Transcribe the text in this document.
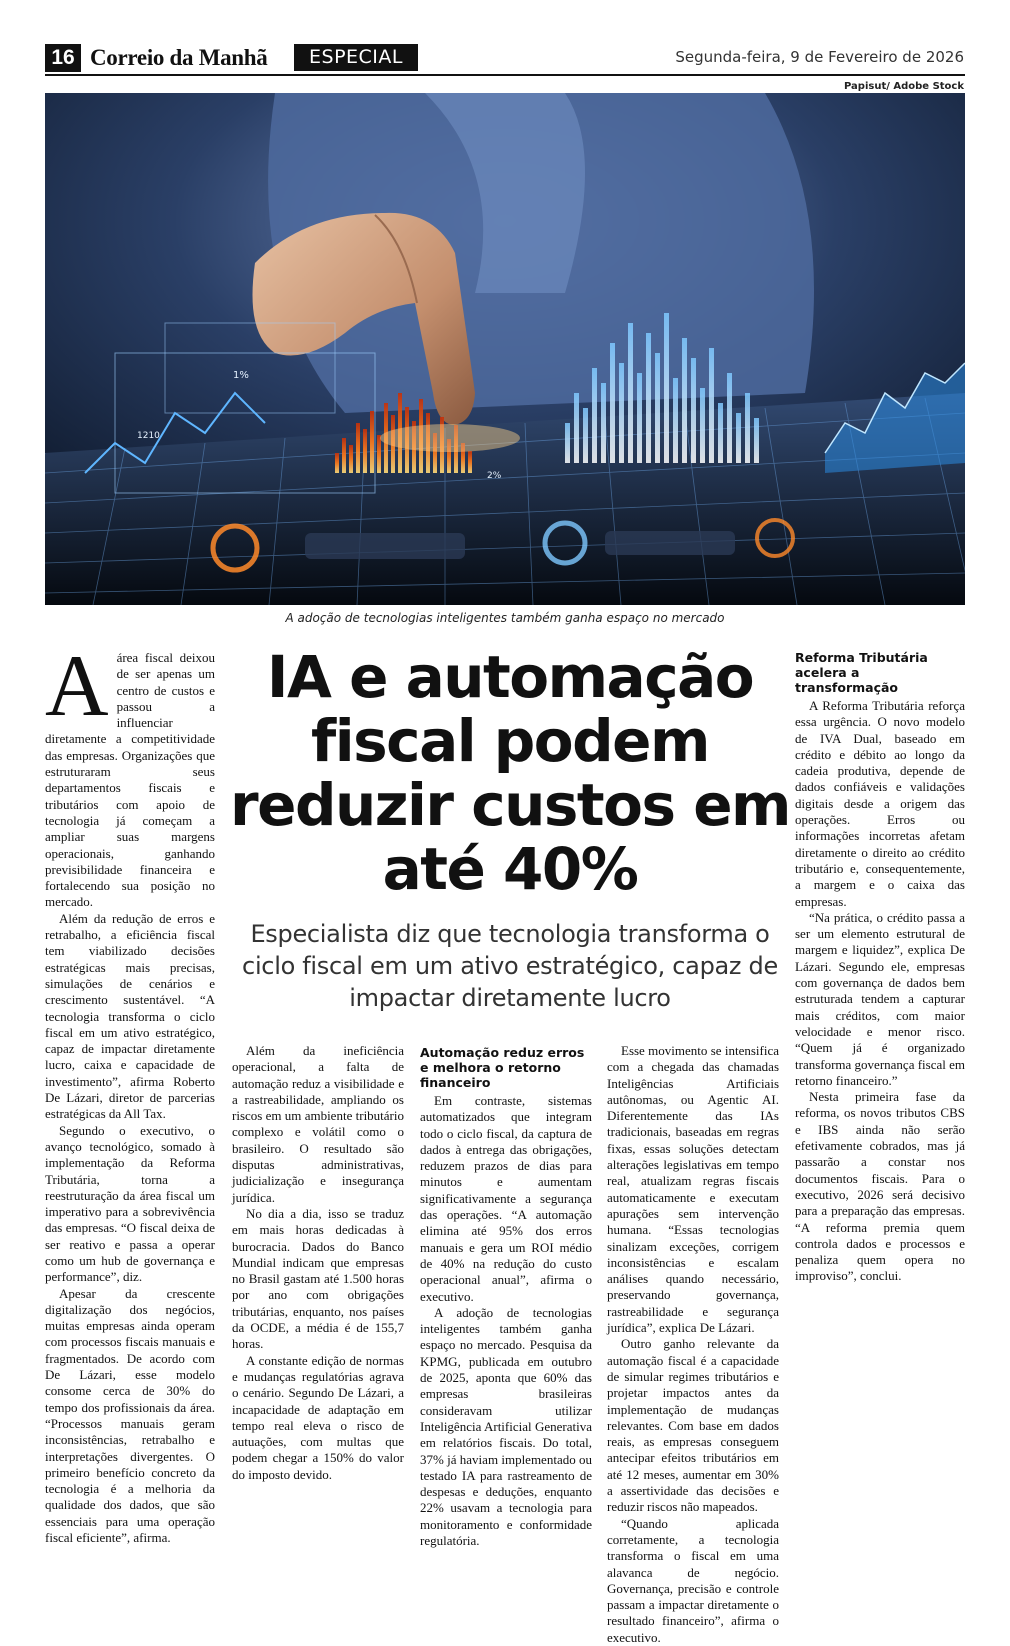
16 Correio da Manhã	ESPECIAL	Segunda-feira, 9 de Fevereiro de 2026
Papisut/ Adobe Stock
1%
1210
2%
A adoção de tecnologias inteligentes também ganha espaço no mercado
IA e automação fiscal podem reduzir custos em até 40%
Especialista diz que tecnologia transforma o ciclo fiscal em um ativo estratégico, capaz de impactar diretamente lucro
A área fiscal deixou de ser apenas um centro de custos e passou a influenciar diretamente a competitividade das empresas. Organizações que estruturaram seus departamentos fiscais e tributários com apoio de tecnologia já começam a ampliar suas margens operacionais, ganhando previsibilidade financeira e fortalecendo sua posição no mercado.

Além da redução de erros e retrabalho, a eficiência fiscal tem viabilizado decisões estratégicas mais precisas, simulações de cenários e crescimento sustentável. “A tecnologia transforma o ciclo fiscal em um ativo estratégico, capaz de impactar diretamente lucro, caixa e capacidade de investimento”, afirma Roberto De Lázari, diretor de parcerias estratégicas da All Tax.

Segundo o executivo, o avanço tecnológico, somado à implementação da Reforma Tributária, torna a reestruturação da área fiscal um imperativo para a sobrevivência das empresas. “O fiscal deixa de ser reativo e passa a operar como um hub de governança e performance”, diz.

Apesar da crescente digitalização dos negócios, muitas empresas ainda operam com processos fiscais manuais e fragmentados. De acordo com De Lázari, esse modelo consome cerca de 30% do tempo dos profissionais da área. “Processos manuais geram inconsistências, retrabalho e interpretações divergentes. O primeiro benefício concreto da tecnologia é a melhoria da qualidade dos dados, que são essenciais para uma operação fiscal eficiente”, afirma.

Além da ineficiência operacional, a falta de automação reduz a visibilidade e a rastreabilidade, ampliando os riscos em um ambiente tributário complexo e volátil como o brasileiro. O resultado são disputas administrativas, judicialização e insegurança jurídica.

No dia a dia, isso se traduz em mais horas dedicadas à burocracia. Dados do Banco Mundial indicam que empresas no Brasil gastam até 1.500 horas por ano com obrigações tributárias, enquanto, nos países da OCDE, a média é de 155,7 horas.

A constante edição de normas e mudanças regulatórias agrava o cenário. Segundo De Lázari, a incapacidade de adaptação em tempo real eleva o risco de autuações, com multas que podem chegar a 150% do valor do imposto devido.

Automação reduz erros e melhora o retorno financeiro

Em contraste, sistemas automatizados que integram todo o ciclo fiscal, da captura de dados à entrega das obrigações, reduzem prazos de dias para minutos e aumentam significativamente a segurança das operações. “A automação elimina até 95% dos erros manuais e gera um ROI médio de 40% na redução do custo operacional anual”, afirma o executivo.

A adoção de tecnologias inteligentes também ganha espaço no mercado. Pesquisa da KPMG, publicada em outubro de 2025, aponta que 60% das empresas brasileiras consideravam utilizar Inteligência Artificial Generativa em relatórios fiscais. Do total, 37% já haviam implementado ou testado IA para rastreamento de despesas e deduções, enquanto 22% usavam a tecnologia para monitoramento e conformidade regulatória.

Esse movimento se intensifica com a chegada das chamadas Inteligências Artificiais autônomas, ou Agentic AI. Diferentemente das IAs tradicionais, baseadas em regras fixas, essas soluções detectam alterações legislativas em tempo real, atualizam regras fiscais automaticamente e executam apurações sem intervenção humana. “Essas tecnologias sinalizam exceções, corrigem inconsistências e escalam análises quando necessário, preservando governança, rastreabilidade e segurança jurídica”, explica De Lázari.

Outro ganho relevante da automação fiscal é a capacidade de simular regimes tributários e projetar impactos antes da implementação de mudanças relevantes. Com base em dados reais, as empresas conseguem antecipar efeitos tributários em até 12 meses, aumentar em 30% a assertividade das decisões e reduzir riscos não mapeados.

“Quando aplicada corretamente, a tecnologia transforma o fiscal em uma alavanca de negócio. Governança, precisão e controle passam a impactar diretamente o resultado financeiro”, afirma o executivo.

Reforma Tributária acelera a transformação

A Reforma Tributária reforça essa urgência. O novo modelo de IVA Dual, baseado em crédito e débito ao longo da cadeia produtiva, depende de dados confiáveis e validações digitais desde a origem das operações. Erros ou informações incorretas afetam diretamente o direito ao crédito tributário e, consequentemente, a margem e o caixa das empresas.

“Na prática, o crédito passa a ser um elemento estrutural de margem e liquidez”, explica De Lázari. Segundo ele, empresas com governança de dados bem estruturada tendem a capturar mais créditos, com maior velocidade e menor risco. “Quem já é organizado transforma governança fiscal em retorno financeiro.”

Nesta primeira fase da reforma, os novos tributos CBS e IBS ainda não serão efetivamente cobrados, mas já passarão a constar nos documentos fiscais. Para o executivo, 2026 será decisivo para a preparação das empresas. “A reforma premia quem controla dados e processos e penaliza quem opera no improviso”, conclui.
